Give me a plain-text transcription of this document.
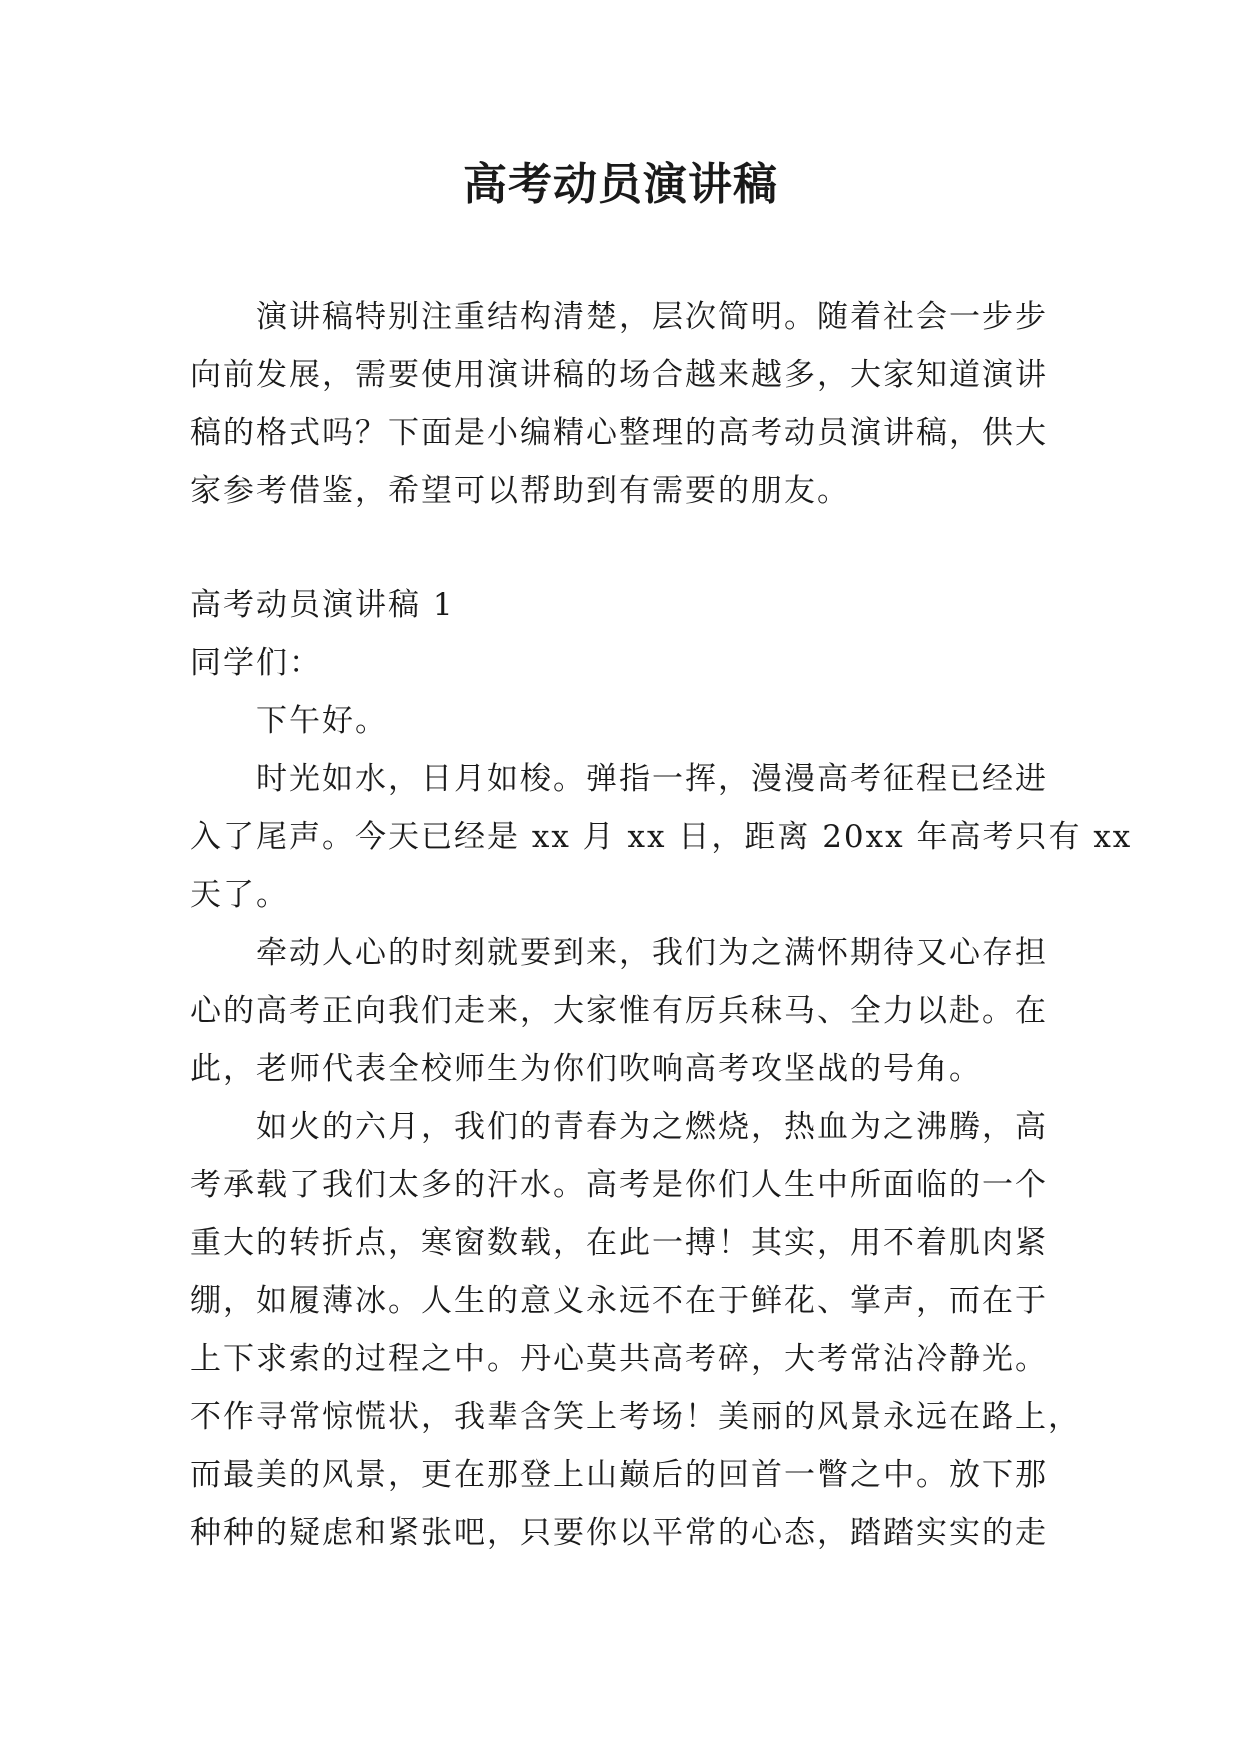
高考动员演讲稿
演讲稿特别注重结构清楚，层次简明。随着社会一步步
向前发展，需要使用演讲稿的场合越来越多，大家知道演讲
稿的格式吗？下面是小编精心整理的高考动员演讲稿，供大
家参考借鉴，希望可以帮助到有需要的朋友。
高考动员演讲稿 1
同学们：
下午好。
时光如水，日月如梭。弹指一挥，漫漫高考征程已经进
入了尾声。今天已经是 xx 月 xx 日，距离 20xx 年高考只有 xx
天了。
牵动人心的时刻就要到来，我们为之满怀期待又心存担
心的高考正向我们走来，大家惟有厉兵秣马、全力以赴。在
此，老师代表全校师生为你们吹响高考攻坚战的号角。
如火的六月，我们的青春为之燃烧，热血为之沸腾，高
考承载了我们太多的汗水。高考是你们人生中所面临的一个
重大的转折点，寒窗数载，在此一搏！其实，用不着肌肉紧
绷，如履薄冰。人生的意义永远不在于鲜花、掌声，而在于
上下求索的过程之中。丹心莫共高考碎，大考常沾冷静光。
不作寻常惊慌状，我辈含笑上考场！美丽的风景永远在路上，
而最美的风景，更在那登上山巅后的回首一瞥之中。放下那
种种的疑虑和紧张吧，只要你以平常的心态，踏踏实实的走
